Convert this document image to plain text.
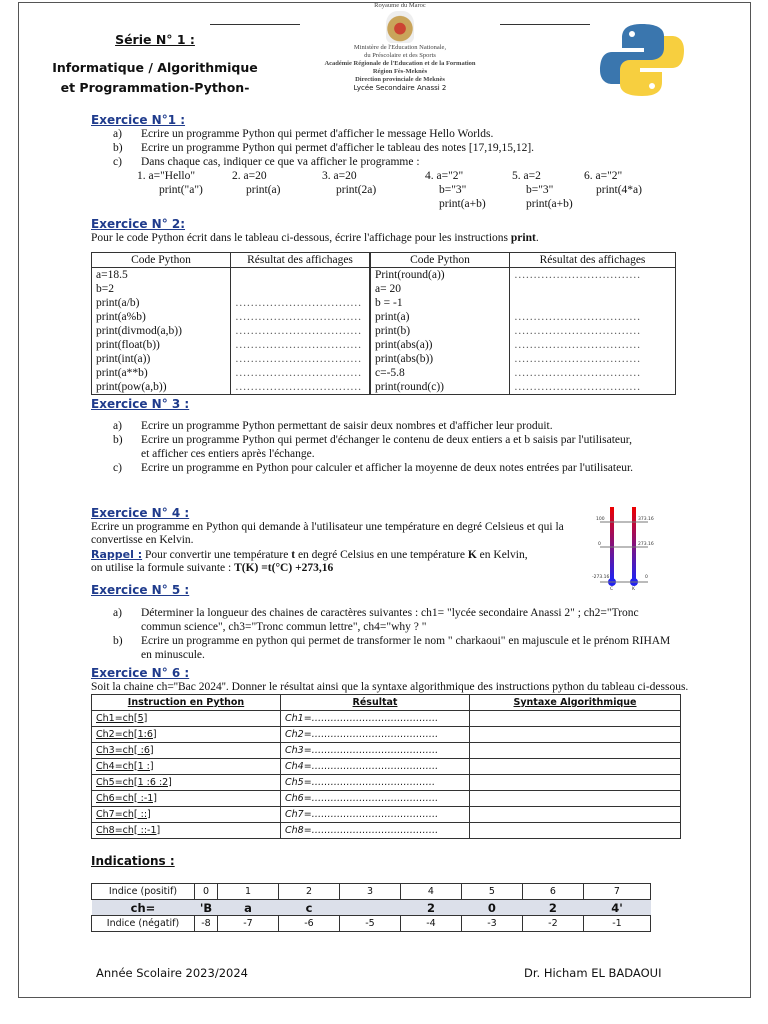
Série N° 1 :
Informatique / Algorithmique
et Programmation-Python-
Royaume du Maroc
Ministère de l'Education Nationale,
du Préscolaire et des Sports
Académie Régionale de l'Education et de la Formation
Région Fès-Meknès
Direction provinciale de Meknès
Lycée Secondaire Anassi 2
Exercice N°1 :
a)	Ecrire un programme Python qui permet d'afficher le message Hello Worlds.
b)	Ecrire un programme Python qui permet d'afficher le tableau des notes [17,19,15,12].
c)	Dans chaque cas, indiquer ce que va afficher le programme :
1. a="Hello"
print("a")
2. a=20
print(a)
3. a=20
print(2a)
4. a="2"
b="3"
print(a+b)
5. a=2
b="3"
print(a+b)
6. a="2"
print(4*a)
Exercice N° 2:
Pour le code Python écrit dans le tableau ci-dessous, écrire l'affichage pour les instructions print.
Code Python	Résultat des affichages	Code Python	Résultat des affichages
a=18.5		Print(round(a))	……………………………
b=2		a= 20	
print(a/b)	……………………………	b = -1	
print(a%b)	……………………………	print(a)	……………………………
print(divmod(a,b))	……………………………	print(b)	……………………………
print(float(b))	……………………………	print(abs(a))	……………………………
print(int(a))	……………………………	print(abs(b))	……………………………
print(a**b)	……………………………	c=-5.8	……………………………
print(pow(a,b))	……………………………	print(round(c))	……………………………
Exercice N° 3 :
a)	Ecrire un programme Python permettant de saisir deux nombres et d'afficher leur produit.
b)	Ecrire un programme Python qui permet d'échanger le contenu de deux entiers a et b saisis par l'utilisateur, et afficher ces entiers après l'échange.
c)	Ecrire un programme en Python pour calculer et afficher la moyenne de deux notes entrées par l'utilisateur.
Exercice N° 4 :
Ecrire un programme en Python qui demande à l'utilisateur une température en degré Celsieus et qui la convertisse en Kelvin.
Rappel : Pour convertir une température t en degré Celsius en une température K en Kelvin,
on utilise la formule suivante : T(K) =t(°C) +273,16
100
0
-273.16
373.16
273.16
0
C	K
Exercice N° 5 :
a)	Déterminer la longueur des chaines de caractères suivantes : ch1= "lycée secondaire Anassi 2" ; ch2="Tronc commun science", ch3="Tronc commun lettre", ch4="why ? "
b)	Ecrire un programme en python qui permet de transformer le nom " charkaoui" en majuscule et le prénom RIHAM en minuscule.
Exercice N° 6 :
Soit la chaine ch=''Bac 2024''. Donner le résultat ainsi que la syntaxe algorithmique des instructions python du tableau ci-dessous.
Instruction en Python	Résultat	Syntaxe Algorithmique
Ch1=ch[5]	Ch1=………………………………….	
Ch2=ch[1:6]	Ch2=………………………………….	
Ch3=ch[ :6]	Ch3=………………………………….	
Ch4=ch[1 :]	Ch4=………………………………….	
Ch5=ch[1 :6 :2]	Ch5=…………………………………	
Ch6=ch[ :-1]	Ch6=………………………………….	
Ch7=ch[ ::]	Ch7=………………………………….	
Ch8=ch[ ::-1]	Ch8=………………………………….	
Indications :
Indice (positif)	0	1	2	3	4	5	6	7
ch=	'B	a	c		2	0	2	4'
Indice (négatif)	-8	-7	-6	-5	-4	-3	-2	-1
Année Scolaire 2023/2024	Dr. Hicham EL BADAOUI
